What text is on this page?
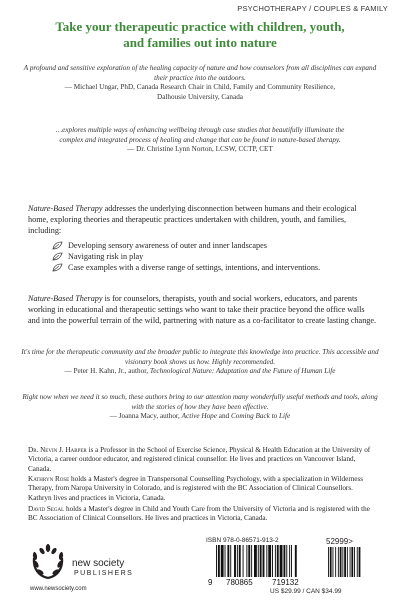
PSYCHOTHERAPY / COUPLES & FAMILY
Take your therapeutic practice with children, youth,
and families out into nature
A profound and sensitive exploration of the healing capacity of nature and how counselors from all disciplines can expand their practice into the outdoors.
— Michael Ungar, PhD, Canada Research Chair in Child, Family and Community Resilience,
Dalhousie University, Canada
…explores multiple ways of enhancing wellbeing through case studies that beautifully illuminate the complex and integrated process of healing and change that can be found in nature-based therapy.
— Dr. Christine Lynn Norton, LCSW, CCTP, CET
Nature-Based Therapy addresses the underlying disconnection between humans and their ecological home, exploring theories and therapeutic practices undertaken with children, youth, and families, including:
Developing sensory awareness of outer and inner landscapes
Navigating risk in play
Case examples with a diverse range of settings, intentions, and interventions.
Nature-Based Therapy is for counselors, therapists, youth and social workers, educators, and parents working in educational and therapeutic settings who want to take their practice beyond the office walls and into the powerful terrain of the wild, partnering with nature as a co-facilitator to create lasting change.
It's time for the therapeutic community and the broader public to integrate this knowledge into practice. This accessible and visionary book shows us how. Highly recommended.
— Peter H. Kahn, Jr., author, Technological Nature: Adaptation and the Future of Human Life
Right now when we need it so much, these authors bring to our attention many wonderfully useful methods and tools, along with the stories of how they have been effective.
— Joanna Macy, author, Active Hope and Coming Back to Life
Dr. Nevin J. Harper is a Professor in the School of Exercise Science, Physical & Health Education at the University of Victoria, a career outdoor educator, and registered clinical counsellor. He lives and practices on Vancouver Island, Canada.
Kathryn Rose holds a Master's degree in Transpersonal Counselling Psychology, with a specialization in Wilderness Therapy, from Naropa University in Colorado, and is registered with the BC Association of Clinical Counsellors. Kathryn lives and practices in Victoria, Canada.
David Segal holds a Master's degree in Child and Youth Care from the University of Victoria and is registered with the BC Association of Clinical Counsellors. He lives and practices in Victoria, Canada.
new society
PUBLISHERS
www.newsociety.com
ISBN 978-0-86571-913-2	52999>
9 780865 719132
US $29.99 / CAN $34.99
